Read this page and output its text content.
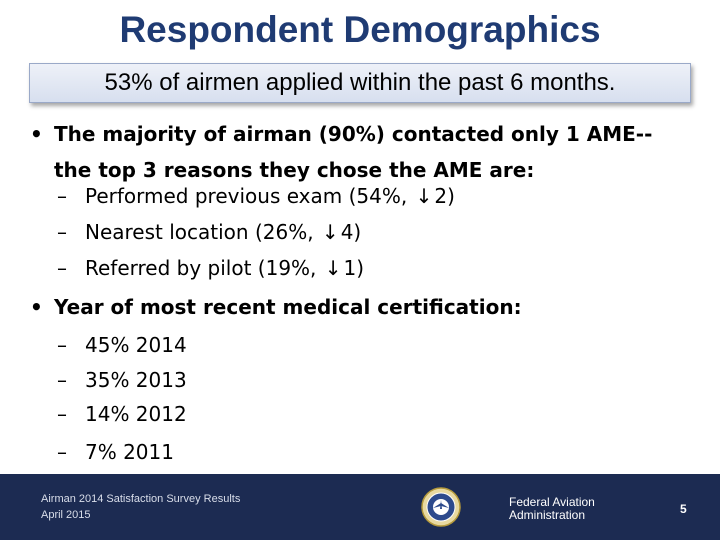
Respondent Demographics
53% of airmen applied within the past 6 months.
• The majority of airman (90%) contacted only 1 AME--
the top 3 reasons they chose the AME are:
– Performed previous exam (54%, ↓ 2)
– Nearest location (26%, ↓ 4)
– Referred by pilot (19%, ↓ 1)
• Year of most recent medical certification:
– 45% 2014
– 35% 2013
– 14% 2012
– 7% 2011
Airman 2014 Satisfaction Survey Results
April 2015
Federal Aviation
Administration	5
